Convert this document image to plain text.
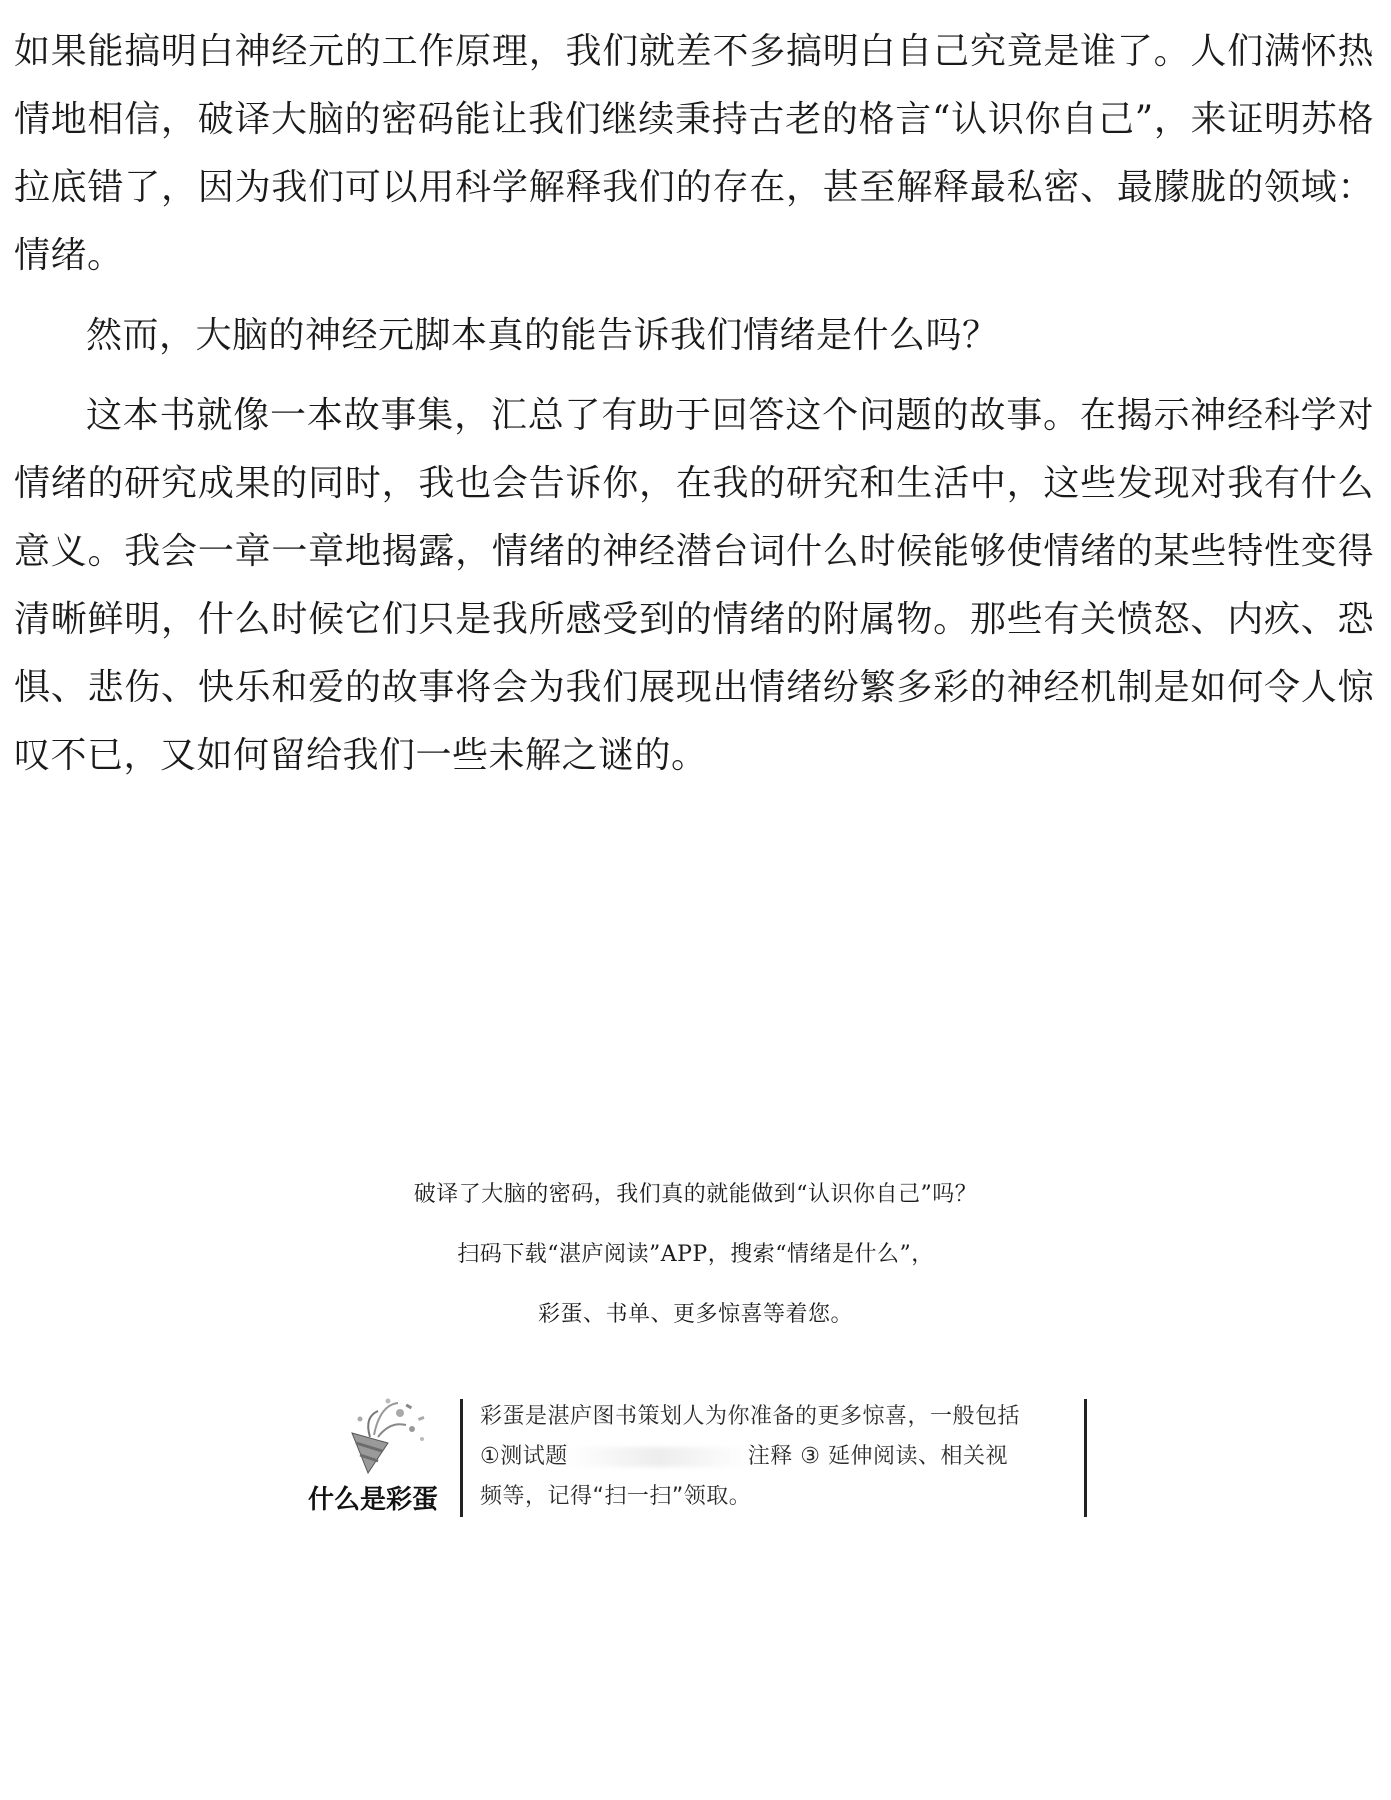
如果能搞明白神经元的工作原理，我们就差不多搞明白自己究竟是谁了。人们满怀热情地相信，破译大脑的密码能让我们继续秉持古老的格言“认识你自己”，来证明苏格拉底错了，因为我们可以用科学解释我们的存在，甚至解释最私密、最朦胧的领域：情绪。

然而，大脑的神经元脚本真的能告诉我们情绪是什么吗？

这本书就像一本故事集，汇总了有助于回答这个问题的故事。在揭示神经科学对情绪的研究成果的同时，我也会告诉你，在我的研究和生活中，这些发现对我有什么意义。我会一章一章地揭露，情绪的神经潜台词什么时候能够使情绪的某些特性变得清晰鲜明，什么时候它们只是我所感受到的情绪的附属物。那些有关愤怒、内疚、恐惧、悲伤、快乐和爱的故事将会为我们展现出情绪纷繁多彩的神经机制是如何令人惊叹不已，又如何留给我们一些未解之谜的。

破译了大脑的密码，我们真的就能做到“认识你自己”吗？

扫码下载“湛庐阅读”APP，搜索“情绪是什么”，

彩蛋、书单、更多惊喜等着您。

什么是彩蛋
彩蛋是湛庐图书策划人为你准备的更多惊喜，一般包括
①测试题	注释 ③ 延伸阅读、相关视
频等，记得“扫一扫”领取。
